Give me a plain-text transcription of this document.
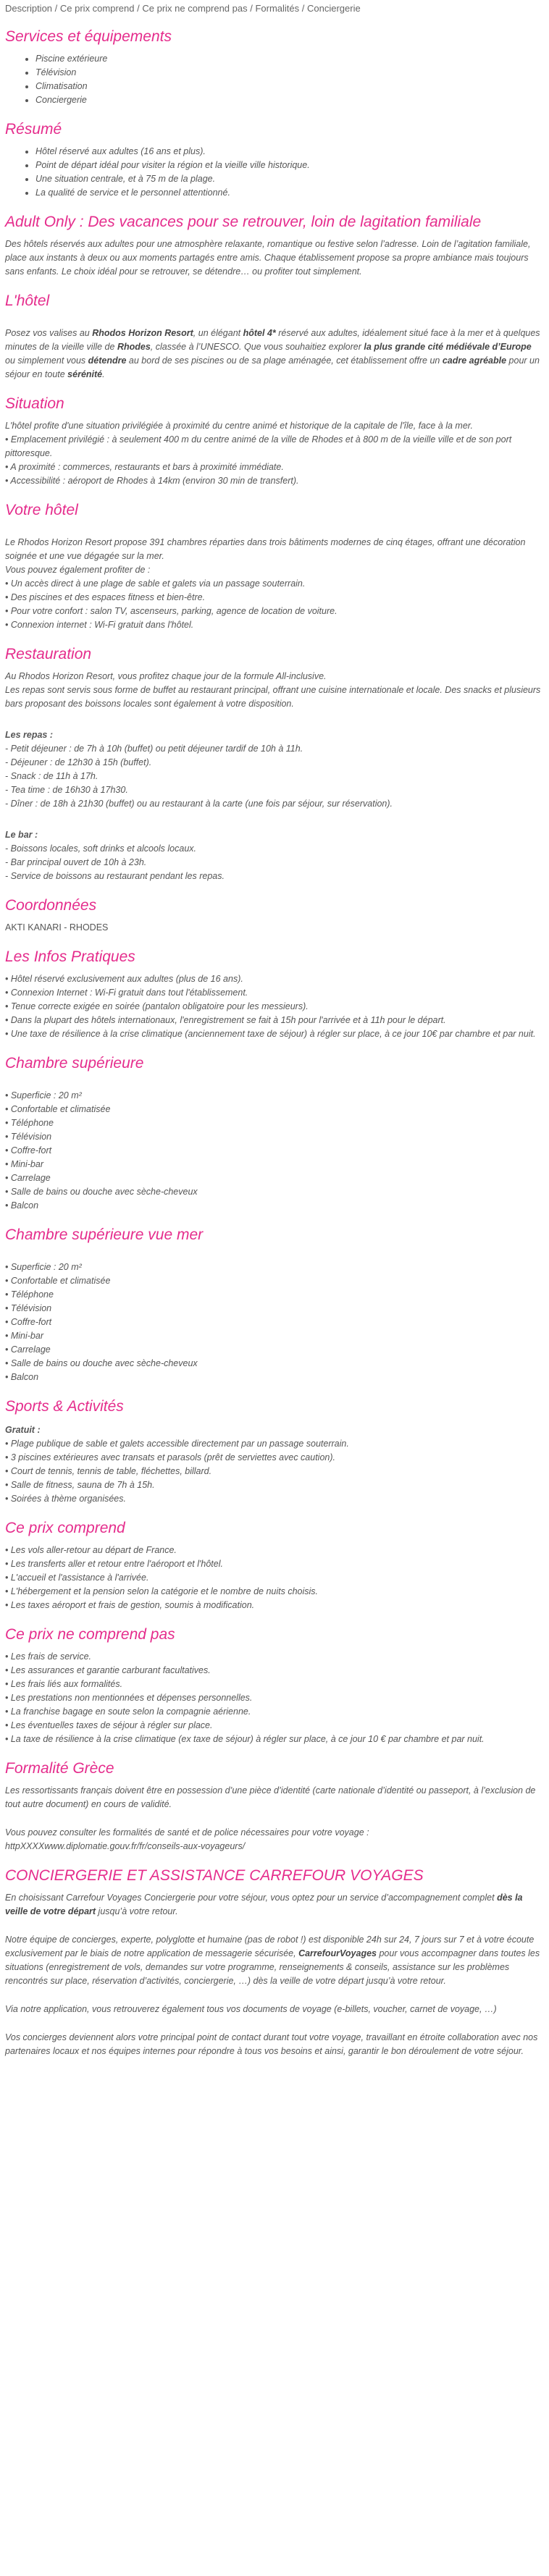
Description / Ce prix comprend / Ce prix ne comprend pas / Formalités / Conciergerie
Services et équipements
• Piscine extérieure
• Télévision
• Climatisation
• Conciergerie
Résumé
• Hôtel réservé aux adultes (16 ans et plus).
• Point de départ idéal pour visiter la région et la vieille ville historique.
• Une situation centrale, et à 75 m de la plage.
• La qualité de service et le personnel attentionné.
Adult Only : Des vacances pour se retrouver, loin de lagitation familiale

Des hôtels réservés aux adultes pour une atmosphère relaxante, romantique ou festive selon l’adresse. Loin de l’agitation familiale, place aux instants à deux ou aux moments partagés entre amis. Chaque établissement propose sa propre ambiance mais toujours sans enfants. Le choix idéal pour se retrouver, se détendre… ou profiter tout simplement.

L'hôtel

Posez vos valises au Rhodos Horizon Resort, un élégant hôtel 4* réservé aux adultes, idéalement situé face à la mer et à quelques minutes de la vieille ville de Rhodes, classée à l’UNESCO. Que vous souhaitiez explorer la plus grande cité médiévale d’Europe ou simplement vous détendre au bord de ses piscines ou de sa plage aménagée, cet établissement offre un cadre agréable pour un séjour en toute sérénité.

Situation
L'hôtel profite d'une situation privilégiée à proximité du centre animé et historique de la capitale de l'île, face à la mer.
• Emplacement privilégié : à seulement 400 m du centre animé de la ville de Rhodes et à 800 m de la vieille ville et de son port pittoresque.
• A proximité : commerces, restaurants et bars à proximité immédiate.
• Accessibilité : aéroport de Rhodes à 14km (environ 30 min de transfert).
Votre hôtel
Le Rhodos Horizon Resort propose 391 chambres réparties dans trois bâtiments modernes de cinq étages, offrant une décoration soignée et une vue dégagée sur la mer.
Vous pouvez également profiter de :
• Un accès direct à une plage de sable et galets via un passage souterrain.
• Des piscines et des espaces fitness et bien-être.
• Pour votre confort : salon TV, ascenseurs, parking, agence de location de voiture.
• Connexion internet : Wi-Fi gratuit dans l'hôtel.
Restauration
Au Rhodos Horizon Resort, vous profitez chaque jour de la formule All-inclusive.
Les repas sont servis sous forme de buffet au restaurant principal, offrant une cuisine internationale et locale. Des snacks et plusieurs bars proposant des boissons locales sont également à votre disposition.
Les repas :
- Petit déjeuner : de 7h à 10h (buffet) ou petit déjeuner tardif de 10h à 11h.
- Déjeuner : de 12h30 à 15h (buffet).
- Snack : de 11h à 17h.
- Tea time : de 16h30 à 17h30.
- Dîner : de 18h à 21h30 (buffet) ou au restaurant à la carte (une fois par séjour, sur réservation).
Le bar :
- Boissons locales, soft drinks et alcools locaux.
- Bar principal ouvert de 10h à 23h.
- Service de boissons au restaurant pendant les repas.
Coordonnées
AKTI KANARI - RHODES
Les Infos Pratiques
• Hôtel réservé exclusivement aux adultes (plus de 16 ans).
• Connexion Internet : Wi-Fi gratuit dans tout l'établissement.
• Tenue correcte exigée en soirée (pantalon obligatoire pour les messieurs).
• Dans la plupart des hôtels internationaux, l'enregistrement se fait à 15h pour l'arrivée et à 11h pour le départ.
• Une taxe de résilience à la crise climatique (anciennement taxe de séjour) à régler sur place, à ce jour 10€ par chambre et par nuit.
Chambre supérieure
• Superficie : 20 m²
• Confortable et climatisée
• Téléphone
• Télévision
• Coffre-fort
• Mini-bar
• Carrelage
• Salle de bains ou douche avec sèche-cheveux
• Balcon
Chambre supérieure vue mer
• Superficie : 20 m²
• Confortable et climatisée
• Téléphone
• Télévision
• Coffre-fort
• Mini-bar
• Carrelage
• Salle de bains ou douche avec sèche-cheveux
• Balcon
Sports & Activités
Gratuit :
• Plage publique de sable et galets accessible directement par un passage souterrain.
• 3 piscines extérieures avec transats et parasols (prêt de serviettes avec caution).
• Court de tennis, tennis de table, fléchettes, billard.
• Salle de fitness, sauna de 7h à 15h.
• Soirées à thème organisées.
Ce prix comprend
• Les vols aller-retour au départ de France.
• Les transferts aller et retour entre l'aéroport et l'hôtel.
• L'accueil et l'assistance à l'arrivée.
• L'hébergement et la pension selon la catégorie et le nombre de nuits choisis.
• Les taxes aéroport et frais de gestion, soumis à modification.
Ce prix ne comprend pas
• Les frais de service.
• Les assurances et garantie carburant facultatives.
• Les frais liés aux formalités.
• Les prestations non mentionnées et dépenses personnelles.
• La franchise bagage en soute selon la compagnie aérienne.
• Les éventuelles taxes de séjour à régler sur place.
• La taxe de résilience à la crise climatique (ex taxe de séjour) à régler sur place, à ce jour 10 € par chambre et par nuit.
Formalité Grèce

Les ressortissants français doivent être en possession d’une pièce d’identité (carte nationale d’identité ou passeport, à l’exclusion de tout autre document) en cours de validité.

Vous pouvez consulter les formalités de santé et de police nécessaires pour votre voyage :
httpXXXXwww.diplomatie.gouv.fr/fr/conseils-aux-voyageurs/
CONCIERGERIE ET ASSISTANCE CARREFOUR VOYAGES

En choisissant Carrefour Voyages Conciergerie pour votre séjour, vous optez pour un service d’accompagnement complet dès la veille de votre départ jusqu’à votre retour.

Notre équipe de concierges, experte, polyglotte et humaine (pas de robot !) est disponible 24h sur 24, 7 jours sur 7 et à votre écoute exclusivement par le biais de notre application de messagerie sécurisée, CarrefourVoyages pour vous accompagner dans toutes les situations (enregistrement de vols, demandes sur votre programme, renseignements & conseils, assistance sur les problèmes rencontrés sur place, réservation d’activités, conciergerie, …) dès la veille de votre départ jusqu’à votre retour.

Via notre application, vous retrouverez également tous vos documents de voyage (e-billets, voucher, carnet de voyage, …)

Vos concierges deviennent alors votre principal point de contact durant tout votre voyage, travaillant en étroite collaboration avec nos partenaires locaux et nos équipes internes pour répondre à tous vos besoins et ainsi, garantir le bon déroulement de votre séjour.
